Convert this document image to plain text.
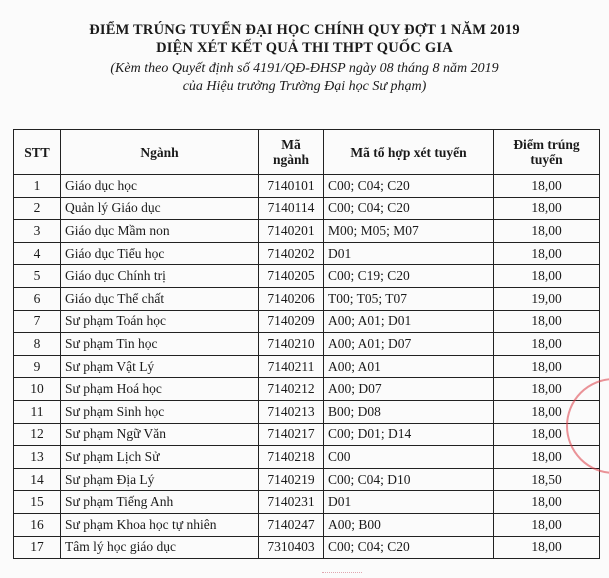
ĐIỂM TRÚNG TUYỂN ĐẠI HỌC CHÍNH QUY ĐỢT 1 NĂM 2019
DIỆN XÉT KẾT QUẢ THI THPT QUỐC GIA
(Kèm theo Quyết định số 4191/QĐ-ĐHSP ngày 08 tháng 8 năm 2019
của Hiệu trưởng Trường Đại học Sư phạm)
STT	Ngành	Mã ngành	Mã tổ hợp xét tuyển	Điểm trúng tuyển
1	Giáo dục học	7140101	C00; C04; C20	18,00
2	Quản lý Giáo dục	7140114	C00; C04; C20	18,00
3	Giáo dục Mầm non	7140201	M00; M05; M07	18,00
4	Giáo dục Tiểu học	7140202	D01	18,00
5	Giáo dục Chính trị	7140205	C00; C19; C20	18,00
6	Giáo dục Thể chất	7140206	T00; T05; T07	19,00
7	Sư phạm Toán học	7140209	A00; A01; D01	18,00
8	Sư phạm Tin học	7140210	A00; A01; D07	18,00
9	Sư phạm Vật Lý	7140211	A00; A01	18,00
10	Sư phạm Hoá học	7140212	A00; D07	18,00
11	Sư phạm Sinh học	7140213	B00; D08	18,00
12	Sư phạm Ngữ Văn	7140217	C00; D01; D14	18,00
13	Sư phạm Lịch Sử	7140218	C00	18,00
14	Sư phạm Địa Lý	7140219	C00; C04; D10	18,50
15	Sư phạm Tiếng Anh	7140231	D01	18,00
16	Sư phạm Khoa học tự nhiên	7140247	A00; B00	18,00
17	Tâm lý học giáo dục	7310403	C00; C04; C20	18,00
